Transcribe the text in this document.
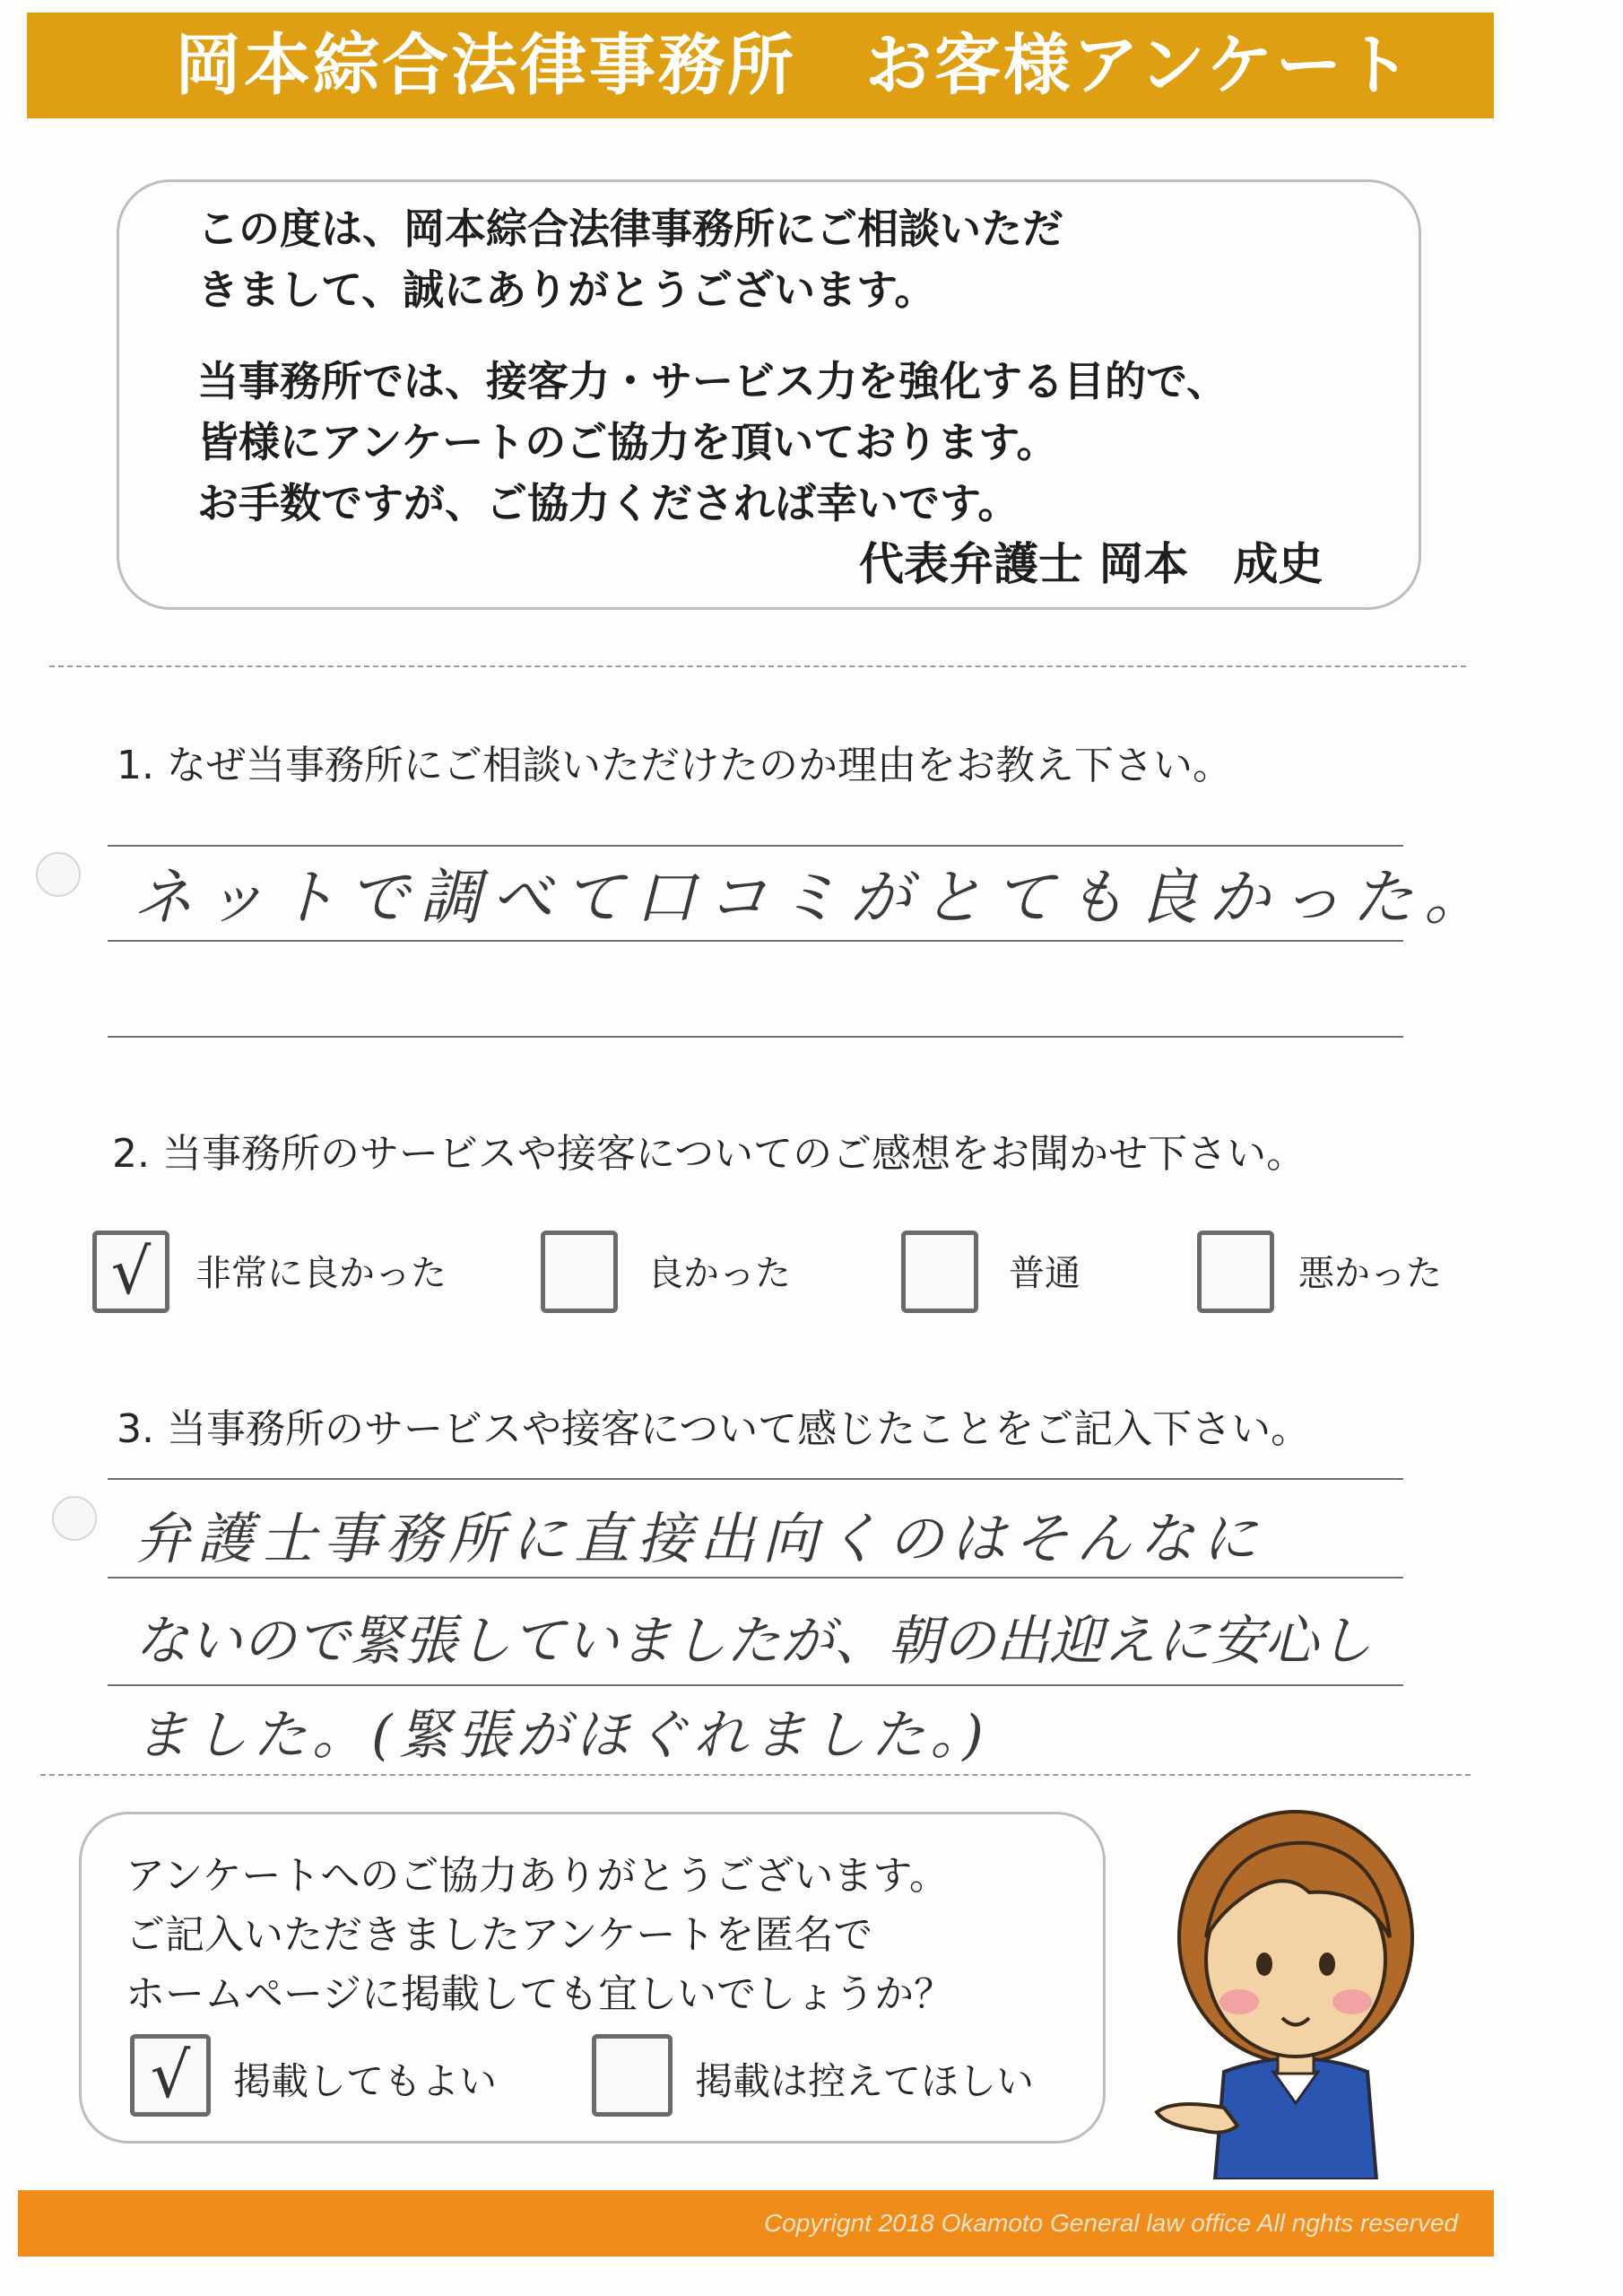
岡本綜合法律事務所　お客様アンケート
この度は、岡本綜合法律事務所にご相談いただ
きまして、誠にありがとうございます。
当事務所では、接客力・サービス力を強化する目的で、
皆様にアンケートのご協力を頂いております。
お手数ですが、ご協力くだされば幸いです。
代表弁護士 岡本　成史
1. なぜ当事務所にご相談いただけたのか理由をお教え下さい。
ネットで調べて口コミがとても良かった。
2. 当事務所のサービスや接客についてのご感想をお聞かせ下さい。
√ 非常に良かった	良かった	普通	悪かった
3. 当事務所のサービスや接客について感じたことをご記入下さい。
弁護士事務所に直接出向くのはそんなに
ないので緊張していましたが、朝の出迎えに安心し
ました。(緊張がほぐれました。)
アンケートへのご協力ありがとうございます。
ご記入いただきましたアンケートを匿名で
ホームページに掲載しても宜しいでしょうか？
√ 掲載してもよい	掲載は控えてほしい
Copyrignt 2018 Okamoto General law office All nghts reserved
